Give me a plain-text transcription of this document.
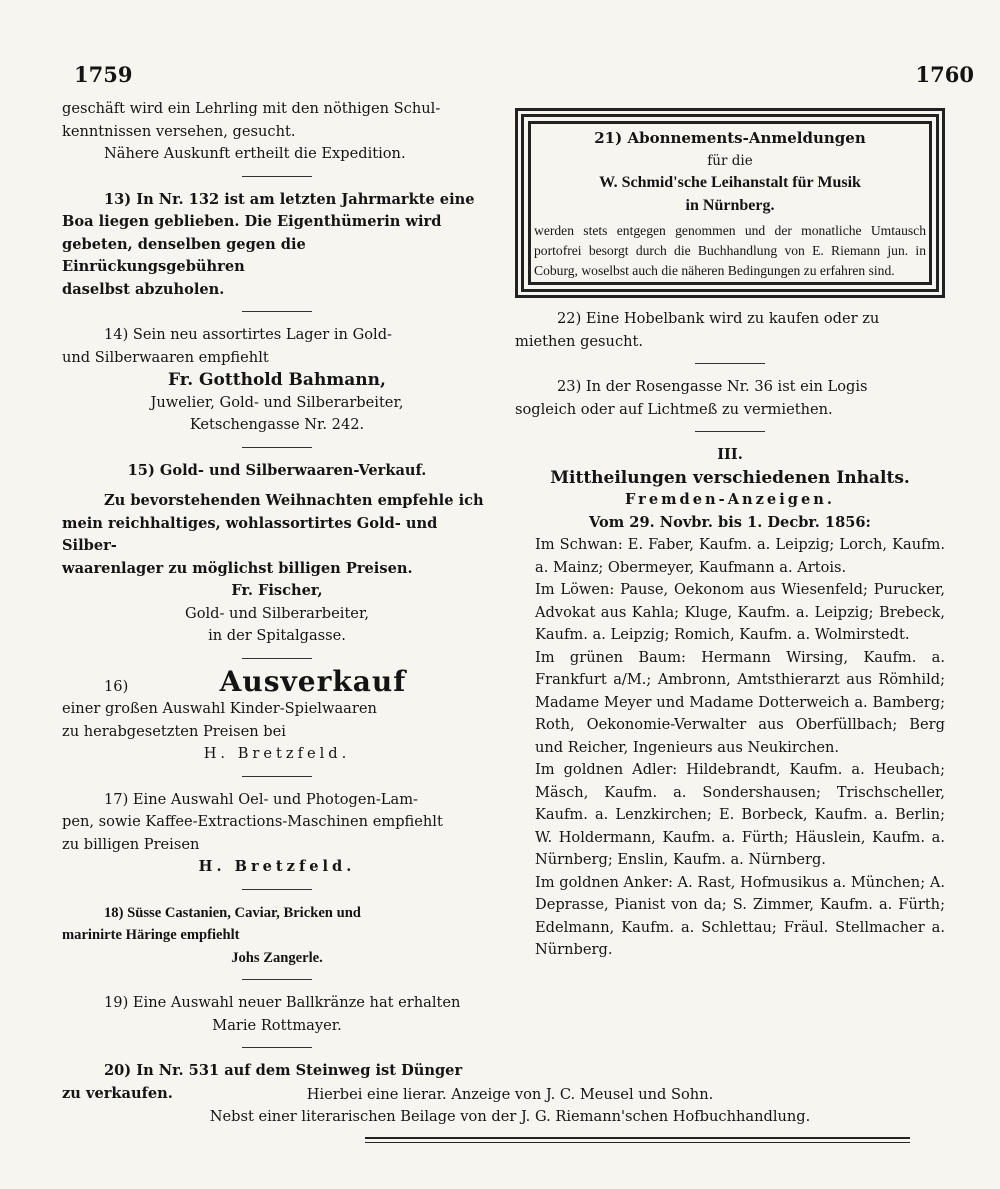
1759	1760
geschäft wird ein Lehrling mit den nöthigen Schul-
kenntnissen versehen, gesucht.
Nähere Auskunft ertheilt die Expedition.
13) In Nr. 132 ist am letzten Jahrmarkte eine
Boa liegen geblieben. Die Eigenthümerin wird
gebeten, denselben gegen die Einrückungsgebühren
daselbst abzuholen.
14) Sein neu assortirtes Lager in Gold-
und Silberwaaren empfiehlt
Fr. Gotthold Bahmann,
Juwelier, Gold- und Silberarbeiter,
Ketschengasse Nr. 242.
15) Gold- und Silberwaaren-Verkauf.
Zu bevorstehenden Weihnachten empfehle ich
mein reichhaltiges, wohlassortirtes Gold- und Silber-
waarenlager zu möglichst billigen Preisen.
Fr. Fischer,
Gold- und Silberarbeiter,
in der Spitalgasse.
16)	Ausverkauf
einer großen Auswahl Kinder-Spielwaaren
zu herabgesetzten Preisen bei
H. Bretzfeld.
17) Eine Auswahl Oel- und Photogen-Lam-
pen, sowie Kaffee-Extractions-Maschinen empfiehlt
zu billigen Preisen
H. Bretzfeld.
18) Süsse Castanien, Caviar, Bricken und
marinirte Häringe empfiehlt
Johs Zangerle.
19) Eine Auswahl neuer Ballkränze hat erhalten
Marie Rottmayer.
20) In Nr. 531 auf dem Steinweg ist Dünger
zu verkaufen.
21) Abonnements-Anmeldungen
für die
W. Schmid'sche Leihanstalt für Musik
in Nürnberg.
werden stets entgegen genommen und der monatliche Umtausch portofrei besorgt durch die Buchhandlung von E. Riemann jun. in Coburg, woselbst auch die näheren Bedingungen zu erfahren sind.
22) Eine Hobelbank wird zu kaufen oder zu
miethen gesucht.
23) In der Rosengasse Nr. 36 ist ein Logis
sogleich oder auf Lichtmeß zu vermiethen.
III.
Mittheilungen verschiedenen Inhalts.
Fremden-Anzeigen.
Vom 29. Novbr. bis 1. Decbr. 1856:
Im Schwan: E. Faber, Kaufm. a. Leipzig; Lorch, Kaufm. a. Mainz; Obermeyer, Kaufmann a. Artois.
Im Löwen: Pause, Oekonom aus Wiesenfeld; Purucker, Advokat aus Kahla; Kluge, Kaufm. a. Leipzig; Brebeck, Kaufm. a. Leipzig; Romich, Kaufm. a. Wolmirstedt.
Im grünen Baum: Hermann Wirsing, Kaufm. a. Frankfurt a/M.; Ambronn, Amtsthierarzt aus Römhild; Madame Meyer und Madame Dotterweich a. Bamberg; Roth, Oekonomie-Verwalter aus Oberfüllbach; Berg und Reicher, Ingenieurs aus Neukirchen.
Im goldnen Adler: Hildebrandt, Kaufm. a. Heubach; Mäsch, Kaufm. a. Sondershausen; Trischscheller, Kaufm. a. Lenzkirchen; E. Borbeck, Kaufm. a. Berlin; W. Holdermann, Kaufm. a. Fürth; Häuslein, Kaufm. a. Nürnberg; Enslin, Kaufm. a. Nürnberg.
Im goldnen Anker: A. Rast, Hofmusikus a. München; A. Deprasse, Pianist von da; S. Zimmer, Kaufm. a. Fürth; Edelmann, Kaufm. a. Schlettau; Fräul. Stellmacher a. Nürnberg.
Hierbei eine lierar. Anzeige von J. C. Meusel und Sohn.
Nebst einer literarischen Beilage von der J. G. Riemann'schen Hofbuchhandlung.
